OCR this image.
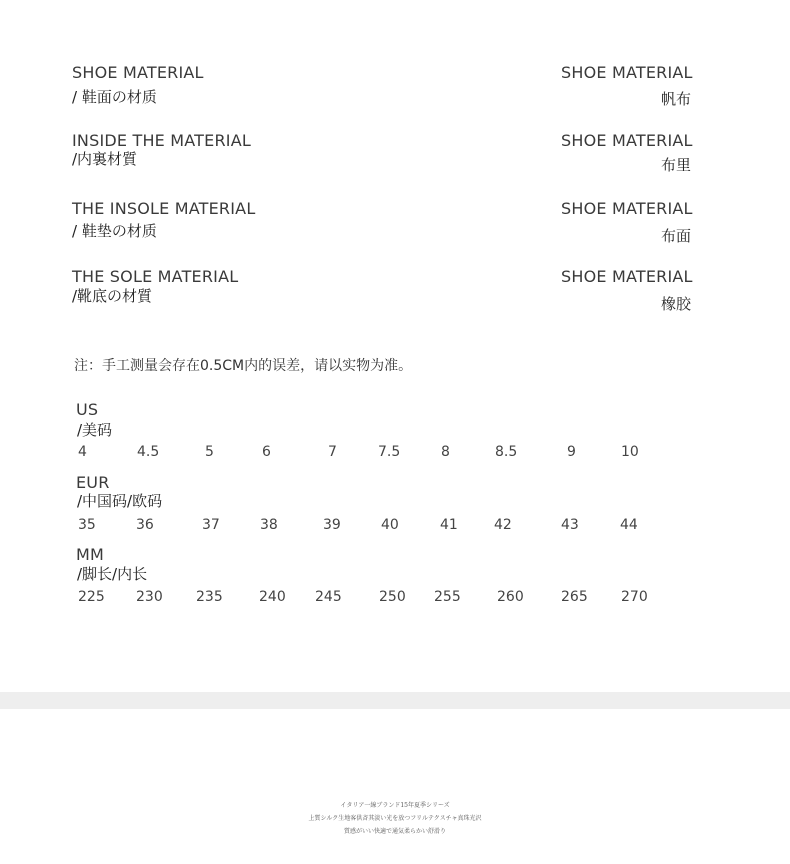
SHOE MATERIAL
/ 鞋面の材质
SHOE MATERIAL
帆布
INSIDE THE MATERIAL
/内裏材質
SHOE MATERIAL
布里
THE INSOLE MATERIAL
/ 鞋垫の材质
SHOE MATERIAL
布面
THE SOLE MATERIAL
/靴底の材質
SHOE MATERIAL
橡胶
注：手工测量会存在0.5CM内的误差，请以实物为准。
US
/美码
4	4.5	5	6	7	7.5	8	8.5	9	10
EUR
/中国码/欧码
35	36	37	38	39	40	41	42	43	44
MM
/脚长/内长
225 230 235	240 245	250 255	260	265 270
イタリア一線ブランド15年夏季シリーズ
上質シルク生地客供斉其淡い光を放つフリルテクスチャ真珠光沢
質感がいい快適で通気柔らかい舒滑り
